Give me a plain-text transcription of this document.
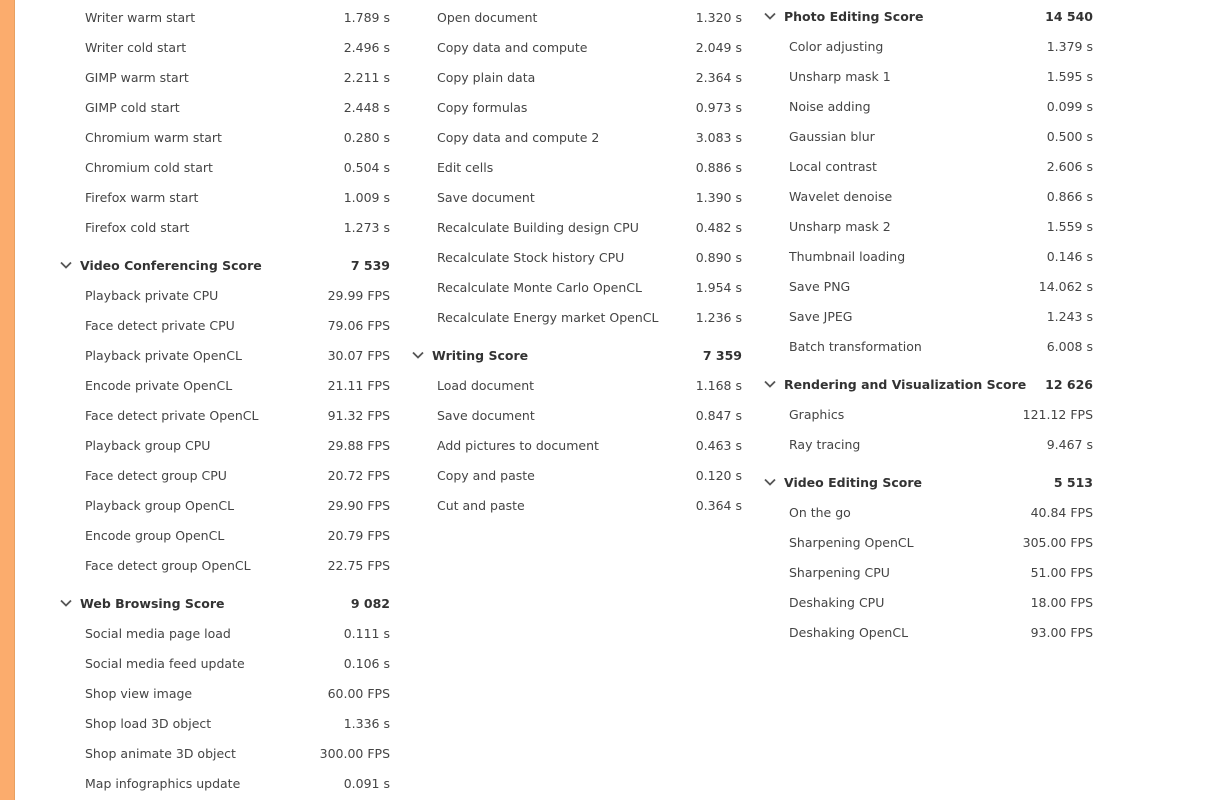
Writer warm start	1.789 s
Writer cold start	2.496 s
GIMP warm start	2.211 s
GIMP cold start	2.448 s
Chromium warm start	0.280 s
Chromium cold start	0.504 s
Firefox warm start	1.009 s
Firefox cold start	1.273 s
Video Conferencing Score	7 539
Playback private CPU	29.99 FPS
Face detect private CPU	79.06 FPS
Playback private OpenCL	30.07 FPS
Encode private OpenCL	21.11 FPS
Face detect private OpenCL	91.32 FPS
Playback group CPU	29.88 FPS
Face detect group CPU	20.72 FPS
Playback group OpenCL	29.90 FPS
Encode group OpenCL	20.79 FPS
Face detect group OpenCL	22.75 FPS
Web Browsing Score	9 082
Social media page load	0.111 s
Social media feed update	0.106 s
Shop view image	60.00 FPS
Shop load 3D object	1.336 s
Shop animate 3D object	300.00 FPS
Map infographics update	0.091 s
Open document	1.320 s
Copy data and compute	2.049 s
Copy plain data	2.364 s
Copy formulas	0.973 s
Copy data and compute 2	3.083 s
Edit cells	0.886 s
Save document	1.390 s
Recalculate Building design CPU	0.482 s
Recalculate Stock history CPU	0.890 s
Recalculate Monte Carlo OpenCL	1.954 s
Recalculate Energy market OpenCL	1.236 s
Writing Score	7 359
Load document	1.168 s
Save document	0.847 s
Add pictures to document	0.463 s
Copy and paste	0.120 s
Cut and paste	0.364 s
Photo Editing Score	14 540
Color adjusting	1.379 s
Unsharp mask 1	1.595 s
Noise adding	0.099 s
Gaussian blur	0.500 s
Local contrast	2.606 s
Wavelet denoise	0.866 s
Unsharp mask 2	1.559 s
Thumbnail loading	0.146 s
Save PNG	14.062 s
Save JPEG	1.243 s
Batch transformation	6.008 s
Rendering and Visualization Score 12 626
Graphics	121.12 FPS
Ray tracing	9.467 s
Video Editing Score	5 513
On the go	40.84 FPS
Sharpening OpenCL	305.00 FPS
Sharpening CPU	51.00 FPS
Deshaking CPU	18.00 FPS
Deshaking OpenCL	93.00 FPS
